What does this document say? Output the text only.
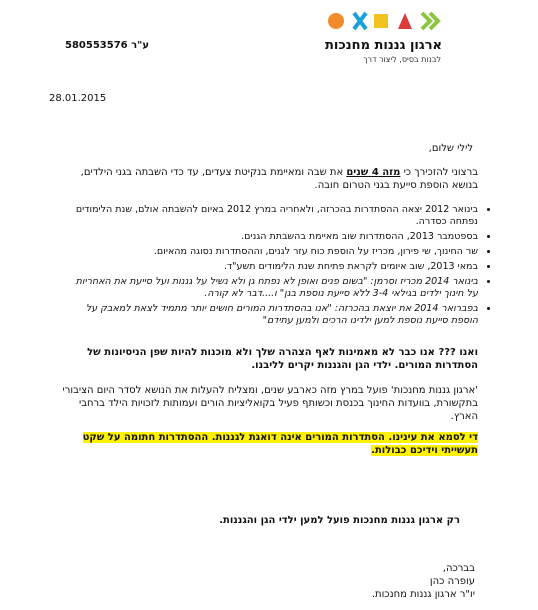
ארגון גננות מחנכות
לבנות בסיס, ליצור דרך
580553576 ע"ר
28.01.2015
לילי שלום,
ברצוני להזכירך כי מזה 4 שנים את שבה ומאיימת בנקיטת צעדים, עד כדי השבתה בגני הילדים, בנושא הוספת סייעת בגני הטרום חובה.
• בינואר 2012 יצאה ההסתדרות בהכרזה, ולאחריה במרץ 2012 באיום להשבתה אולם, שנת הלימודים נפתחה כסדרה.
• בספטמבר 2013, ההסתדרות שוב מאיימת בהשבתת הגנים.
• שר החינוך, שי פירון, מכריז על הוספת כוח עזר לגנים, וההסתדרות נסוגה מהאיום.
• במאי 2013, שוב איומים לקראת פתיחת שנת הלימודים תשע"ד.
• בינואר 2014 מכריז וסרמן: "בשום פנים ואופן לא נפתח גן ולא נשיל על גננות ועל סייעת את האחריות על חינוך ילדים בגילאי 3-4 ללא סייעת נוספת בגן" ו....דבר לא קורה.
• בפברואר 2014 את יוצאת בהכרזה: "אנו בהסתדרות המורים חושים יותר מתמיד לצאת למאבק על הוספת סייעת נוספת למען ילדינו הרכים ולמען עתידם"
ואנו ??? אנו כבר לא מאמינות לאף הצהרה שלך ולא מוכנות להיות שפן הניסיונות של הסתדרות המורים. ילדי הגן והגננות יקרים לליבנו.
'ארגון גננות מחנכות' פועל במרץ מזה כארבע שנים, ומצליח להעלות את הנושא לסדר היום הציבורי בתקשורת, בוועדות החינוך בכנסת וכשותף פעיל בקואליציות הורים ועמותות לזכויות הילד ברחבי הארץ.
די לסמא את עינינו. הסתדרות המורים אינה דואגת לגננות. ההסתדרות חתומה על שקט תעשייתי וידיכם כבולות.
רק ארגון גננות מחנכות פועל למען ילדי הגן והגננות.
בברכה,
עופרה כהן
יו"ר ארגון גננות מחנכות.
